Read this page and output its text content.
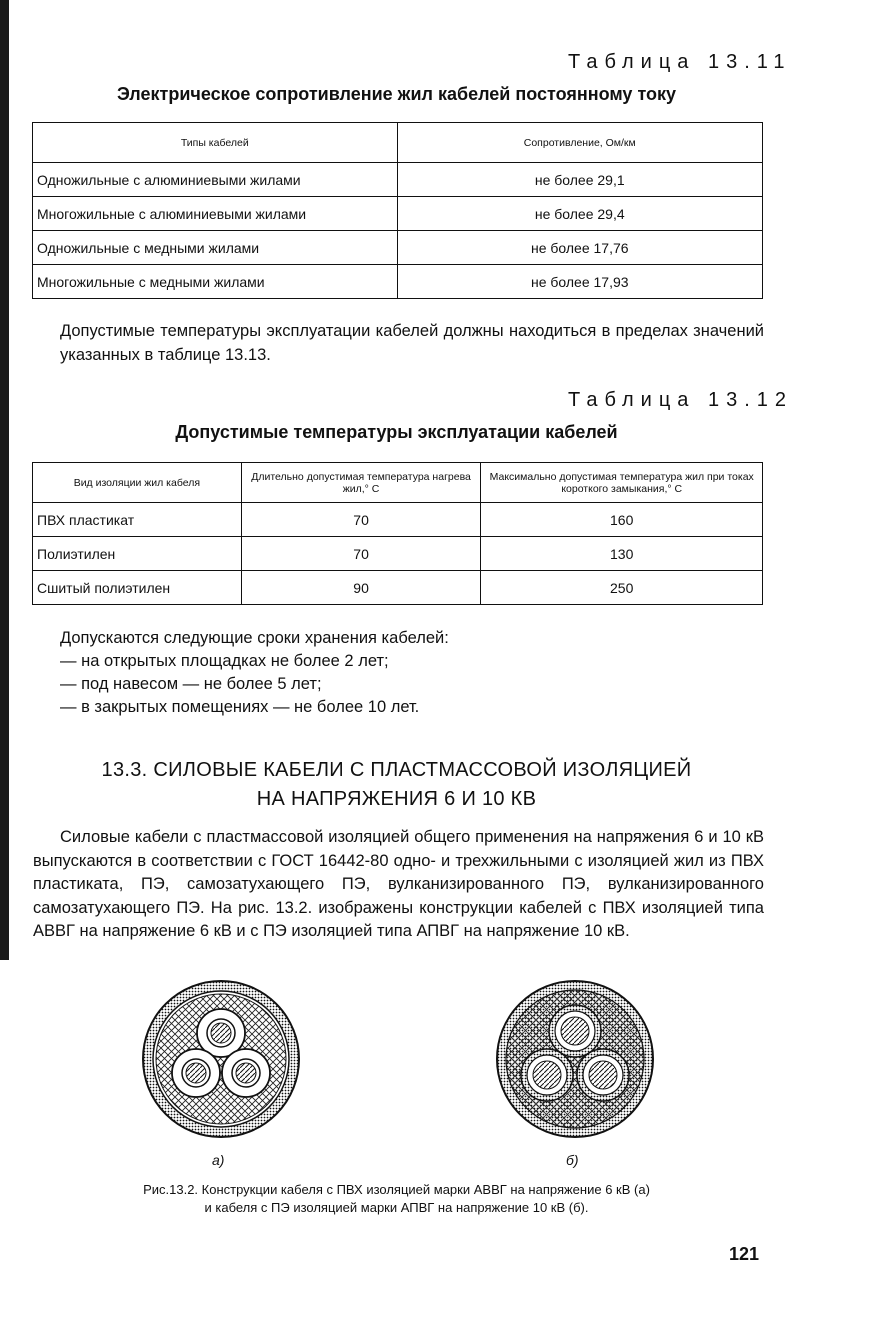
Таблица 13.11
Электрическое сопротивление жил кабелей постоянному току
Типы кабелей	Сопротивление, Ом/км
Одножильные с алюминиевыми жилами	не более 29,1
Многожильные с алюминиевыми жилами	не более 29,4
Одножильные с медными жилами	не более 17,76
Многожильные с медными жилами	не более 17,93

Допустимые температуры эксплуатации кабелей должны находиться в пределах значений указанных в таблице 13.13.

Таблица 13.12
Допустимые температуры эксплуатации кабелей
Вид изоляции жил кабеля	Длительно допустимая температура нагрева жил,° С	Максимально допустимая температура жил при токах короткого замыкания,° С
ПВХ пластикат	70	160
Полиэтилен	70	130
Сшитый полиэтилен	90	250
Допускаются следующие сроки хранения кабелей:
— на открытых площадках не более 2 лет;
— под навесом — не более 5 лет;
— в закрытых помещениях — не более 10 лет.
13.3. СИЛОВЫЕ КАБЕЛИ С ПЛАСТМАССОВОЙ ИЗОЛЯЦИЕЙ
НА НАПРЯЖЕНИЯ 6 И 10 КВ

Силовые кабели с пластмассовой изоляцией общего применения на напряжения 6 и 10 кВ выпускаются в соответствии с ГОСТ 16442-80 одно- и трехжильными с изоляцией жил из ПВХ пластиката, ПЭ, самозатухающего ПЭ, вулканизированного ПЭ, вулканизированного самозатухающего ПЭ. На рис. 13.2. изображены конструкции кабелей с ПВХ изоляцией типа АВВГ на напряжение 6 кВ и с ПЭ изоляцией типа АПВГ на напряжение 10 кВ.

а)	б)
Рис.13.2. Конструкции кабеля с ПВХ изоляцией марки АВВГ на напряжение 6 кВ (а)
и кабеля с ПЭ изоляцией марки АПВГ на напряжение 10 кВ (б).
121
